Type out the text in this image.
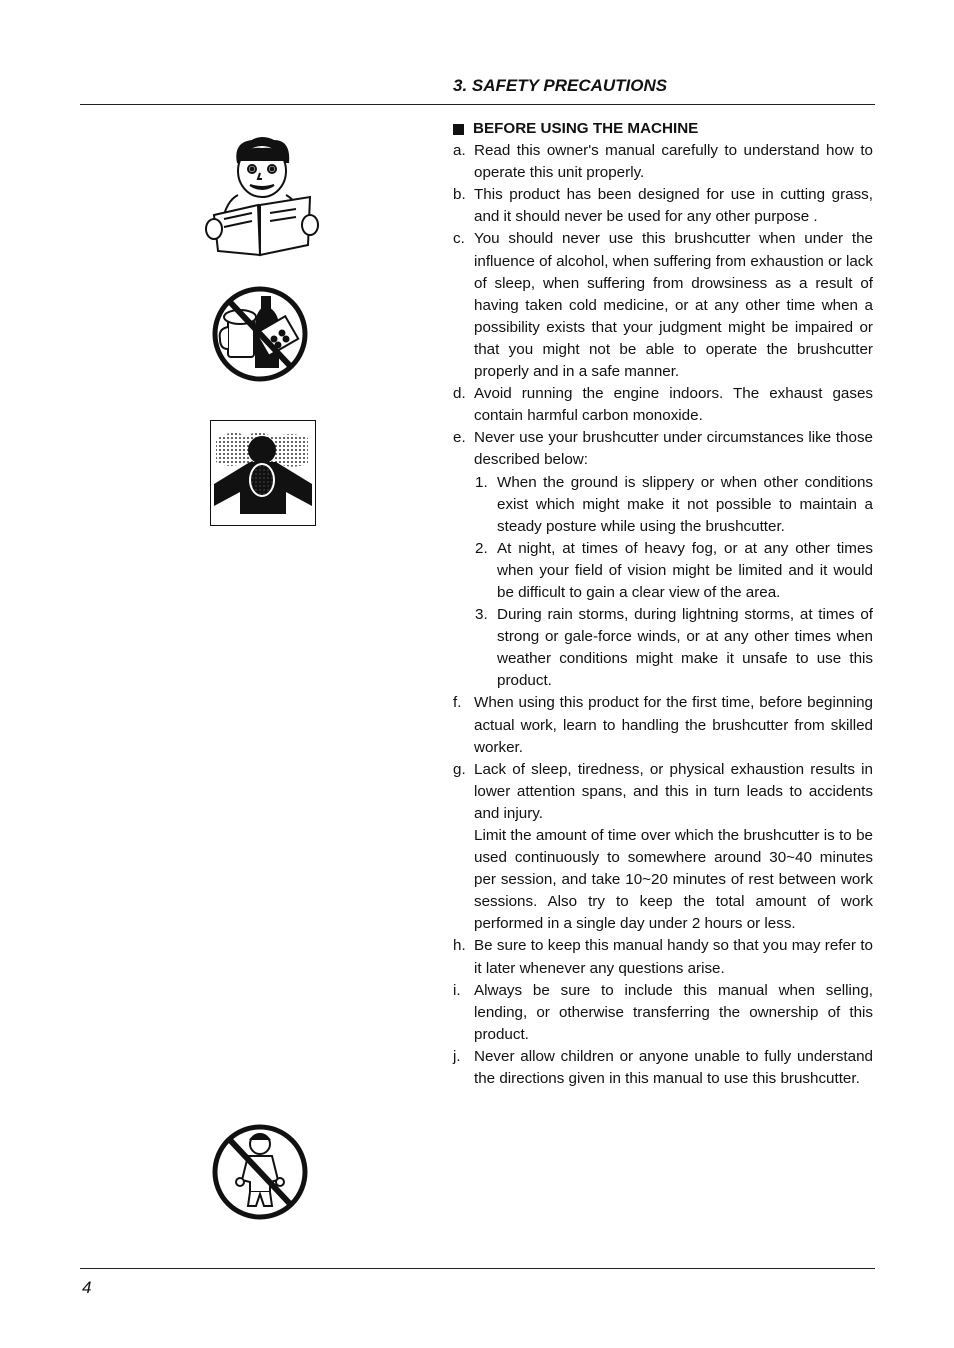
3. SAFETY PRECAUTIONS
BEFORE USING THE MACHINE
a. Read this owner's manual carefully to understand how to operate this unit properly.
b. This product has been designed for use in cutting grass, and it should never be used for any other purpose .
c. You should never use this brushcutter when under the influence of alcohol, when suffering from exhaustion or lack of sleep, when suffering from drowsiness as a result of having taken cold medicine, or at any other time when a possibility exists that your judgment might be impaired or that you might not be able to operate the brushcutter properly and in a safe manner.
d. Avoid running the engine indoors. The exhaust gases contain harmful carbon monoxide.
e. Never use your brushcutter under circumstances like those described below:
1. When the ground is slippery or when other conditions exist which might make it not possible to maintain a steady posture while using the brushcutter.
2. At night, at times of heavy fog, or at any other times when your field of vision might be limited and it would be difficult to gain a clear view of the area.
3. During rain storms, during lightning storms, at times of strong or gale-force winds, or at any other times when weather conditions might make it unsafe to use this product.
f. When using this product for the first time, before beginning actual work, learn to handling the brushcutter from skilled worker.
g. Lack of sleep, tiredness, or physical exhaustion results in lower attention spans, and this in turn leads to accidents and injury.
Limit the amount of time over which the brushcutter is to be used continuously to somewhere around 30~40 minutes per session, and take 10~20 minutes of rest between work sessions. Also try to keep the total amount of work performed in a single day under 2 hours or less.
h. Be sure to keep this manual handy so that you may refer to it later whenever any questions arise.
i. Always be sure to include this manual when selling, lending, or otherwise transferring the ownership of this product.
j. Never allow children or anyone unable to fully understand the directions given in this manual to use this brushcutter.
4
